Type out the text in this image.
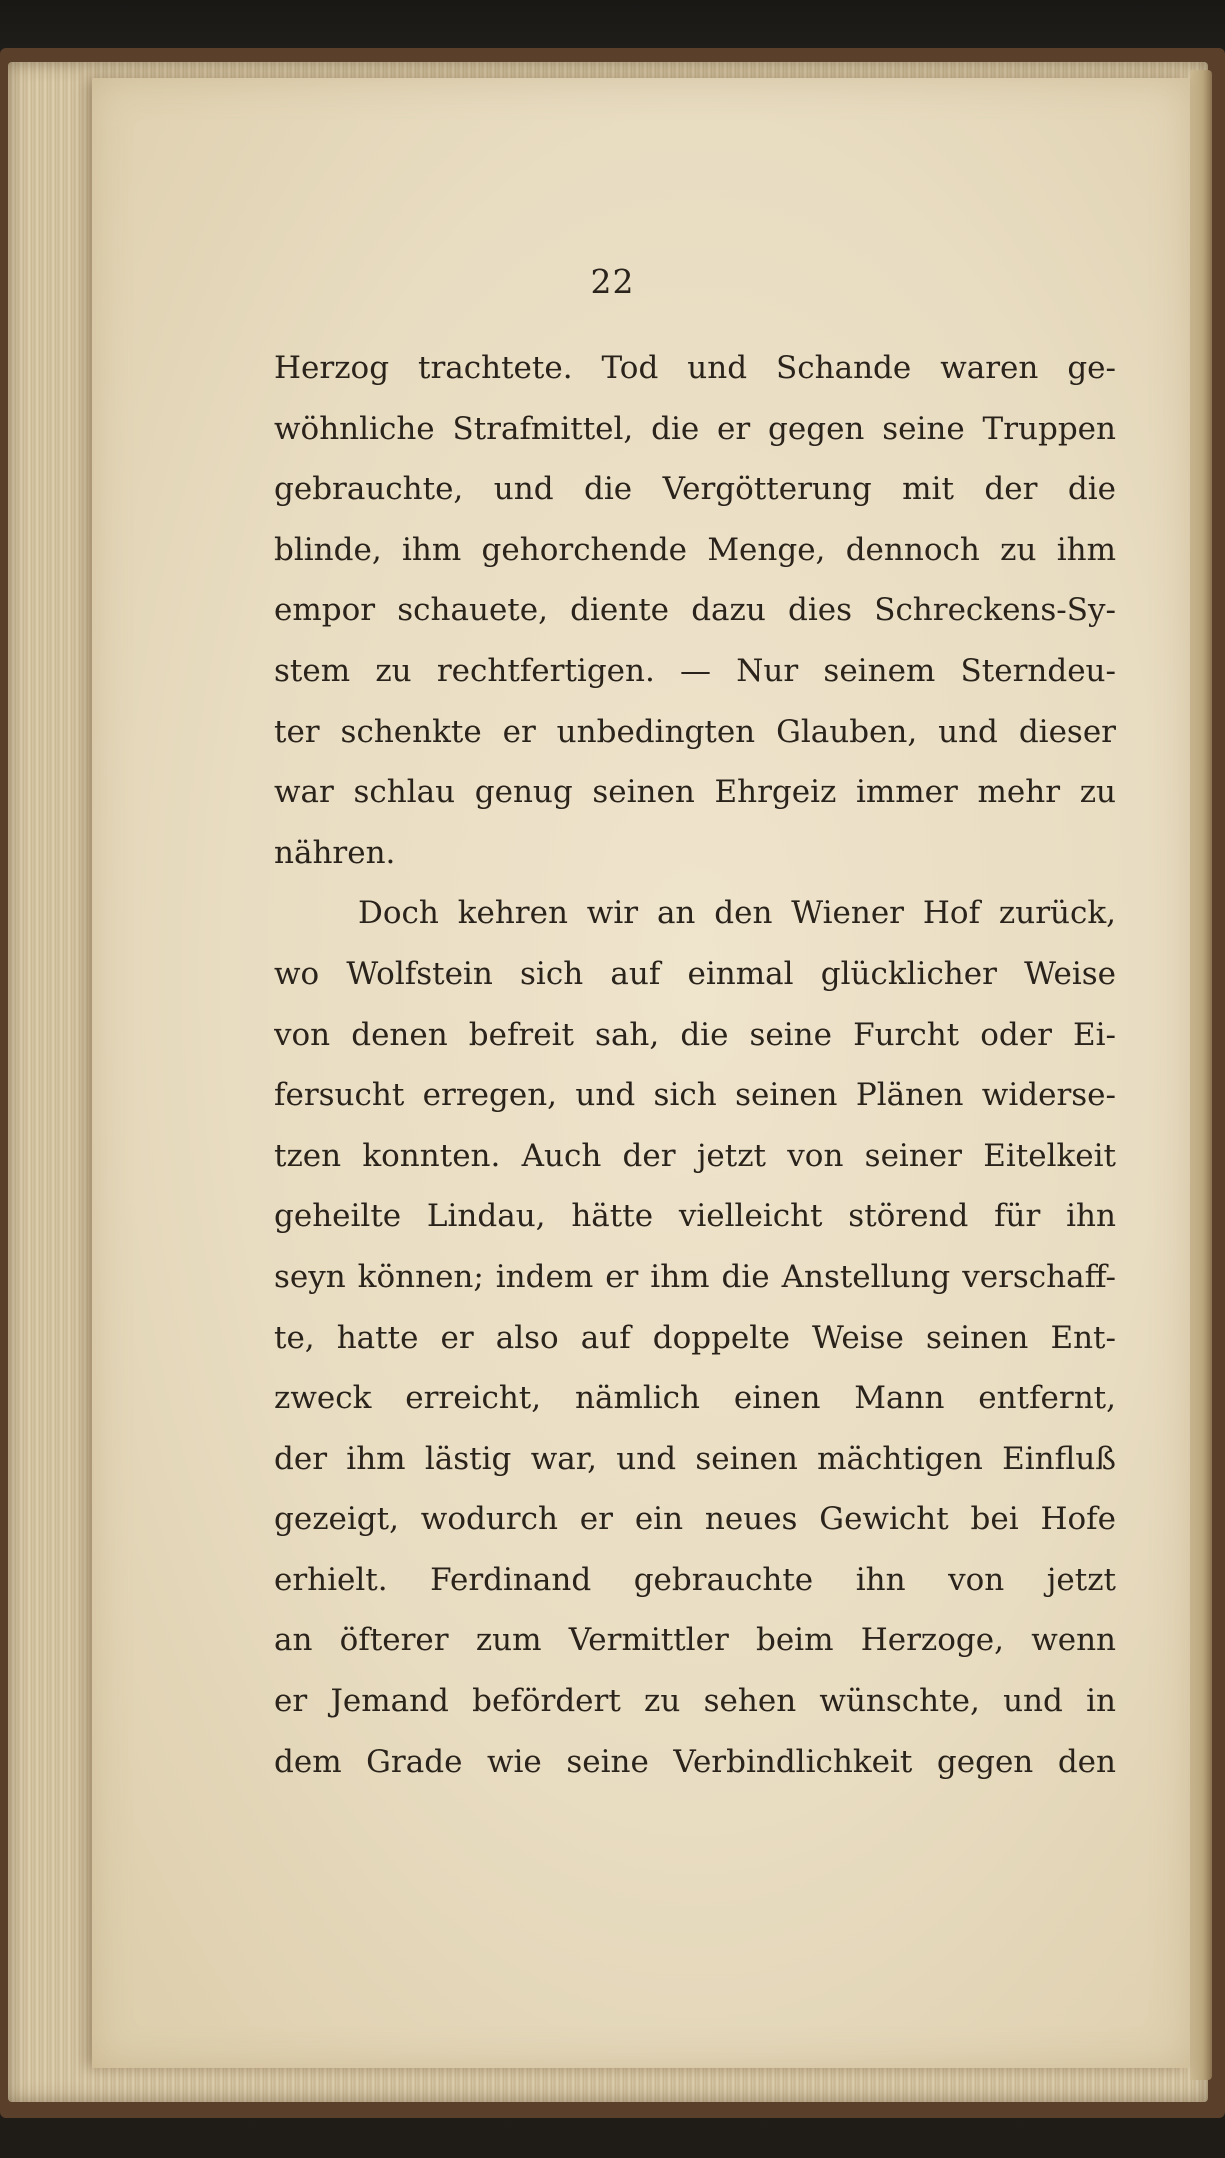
22
Herzog trachtete. Tod und Schande waren ge-
wöhnliche Strafmittel, die er gegen seine Truppen
gebrauchte, und die Vergötterung mit der die
blinde, ihm gehorchende Menge, dennoch zu ihm
empor schauete, diente dazu dies Schreckens-Sy-
stem zu rechtfertigen. — Nur seinem Sterndeu-
ter schenkte er unbedingten Glauben, und dieser
war schlau genug seinen Ehrgeiz immer mehr zu
nähren.
Doch kehren wir an den Wiener Hof zurück,
wo Wolfstein sich auf einmal glücklicher Weise
von denen befreit sah, die seine Furcht oder Ei-
fersucht erregen, und sich seinen Plänen widerse-
tzen konnten. Auch der jetzt von seiner Eitelkeit
geheilte Lindau, hätte vielleicht störend für ihn
seyn können; indem er ihm die Anstellung verschaff-
te, hatte er also auf doppelte Weise seinen Ent-
zweck erreicht, nämlich einen Mann entfernt,
der ihm lästig war, und seinen mächtigen Einfluß
gezeigt, wodurch er ein neues Gewicht bei Hofe
erhielt. Ferdinand gebrauchte ihn von jetzt
an öfterer zum Vermittler beim Herzoge, wenn
er Jemand befördert zu sehen wünschte, und in
dem Grade wie seine Verbindlichkeit gegen den
